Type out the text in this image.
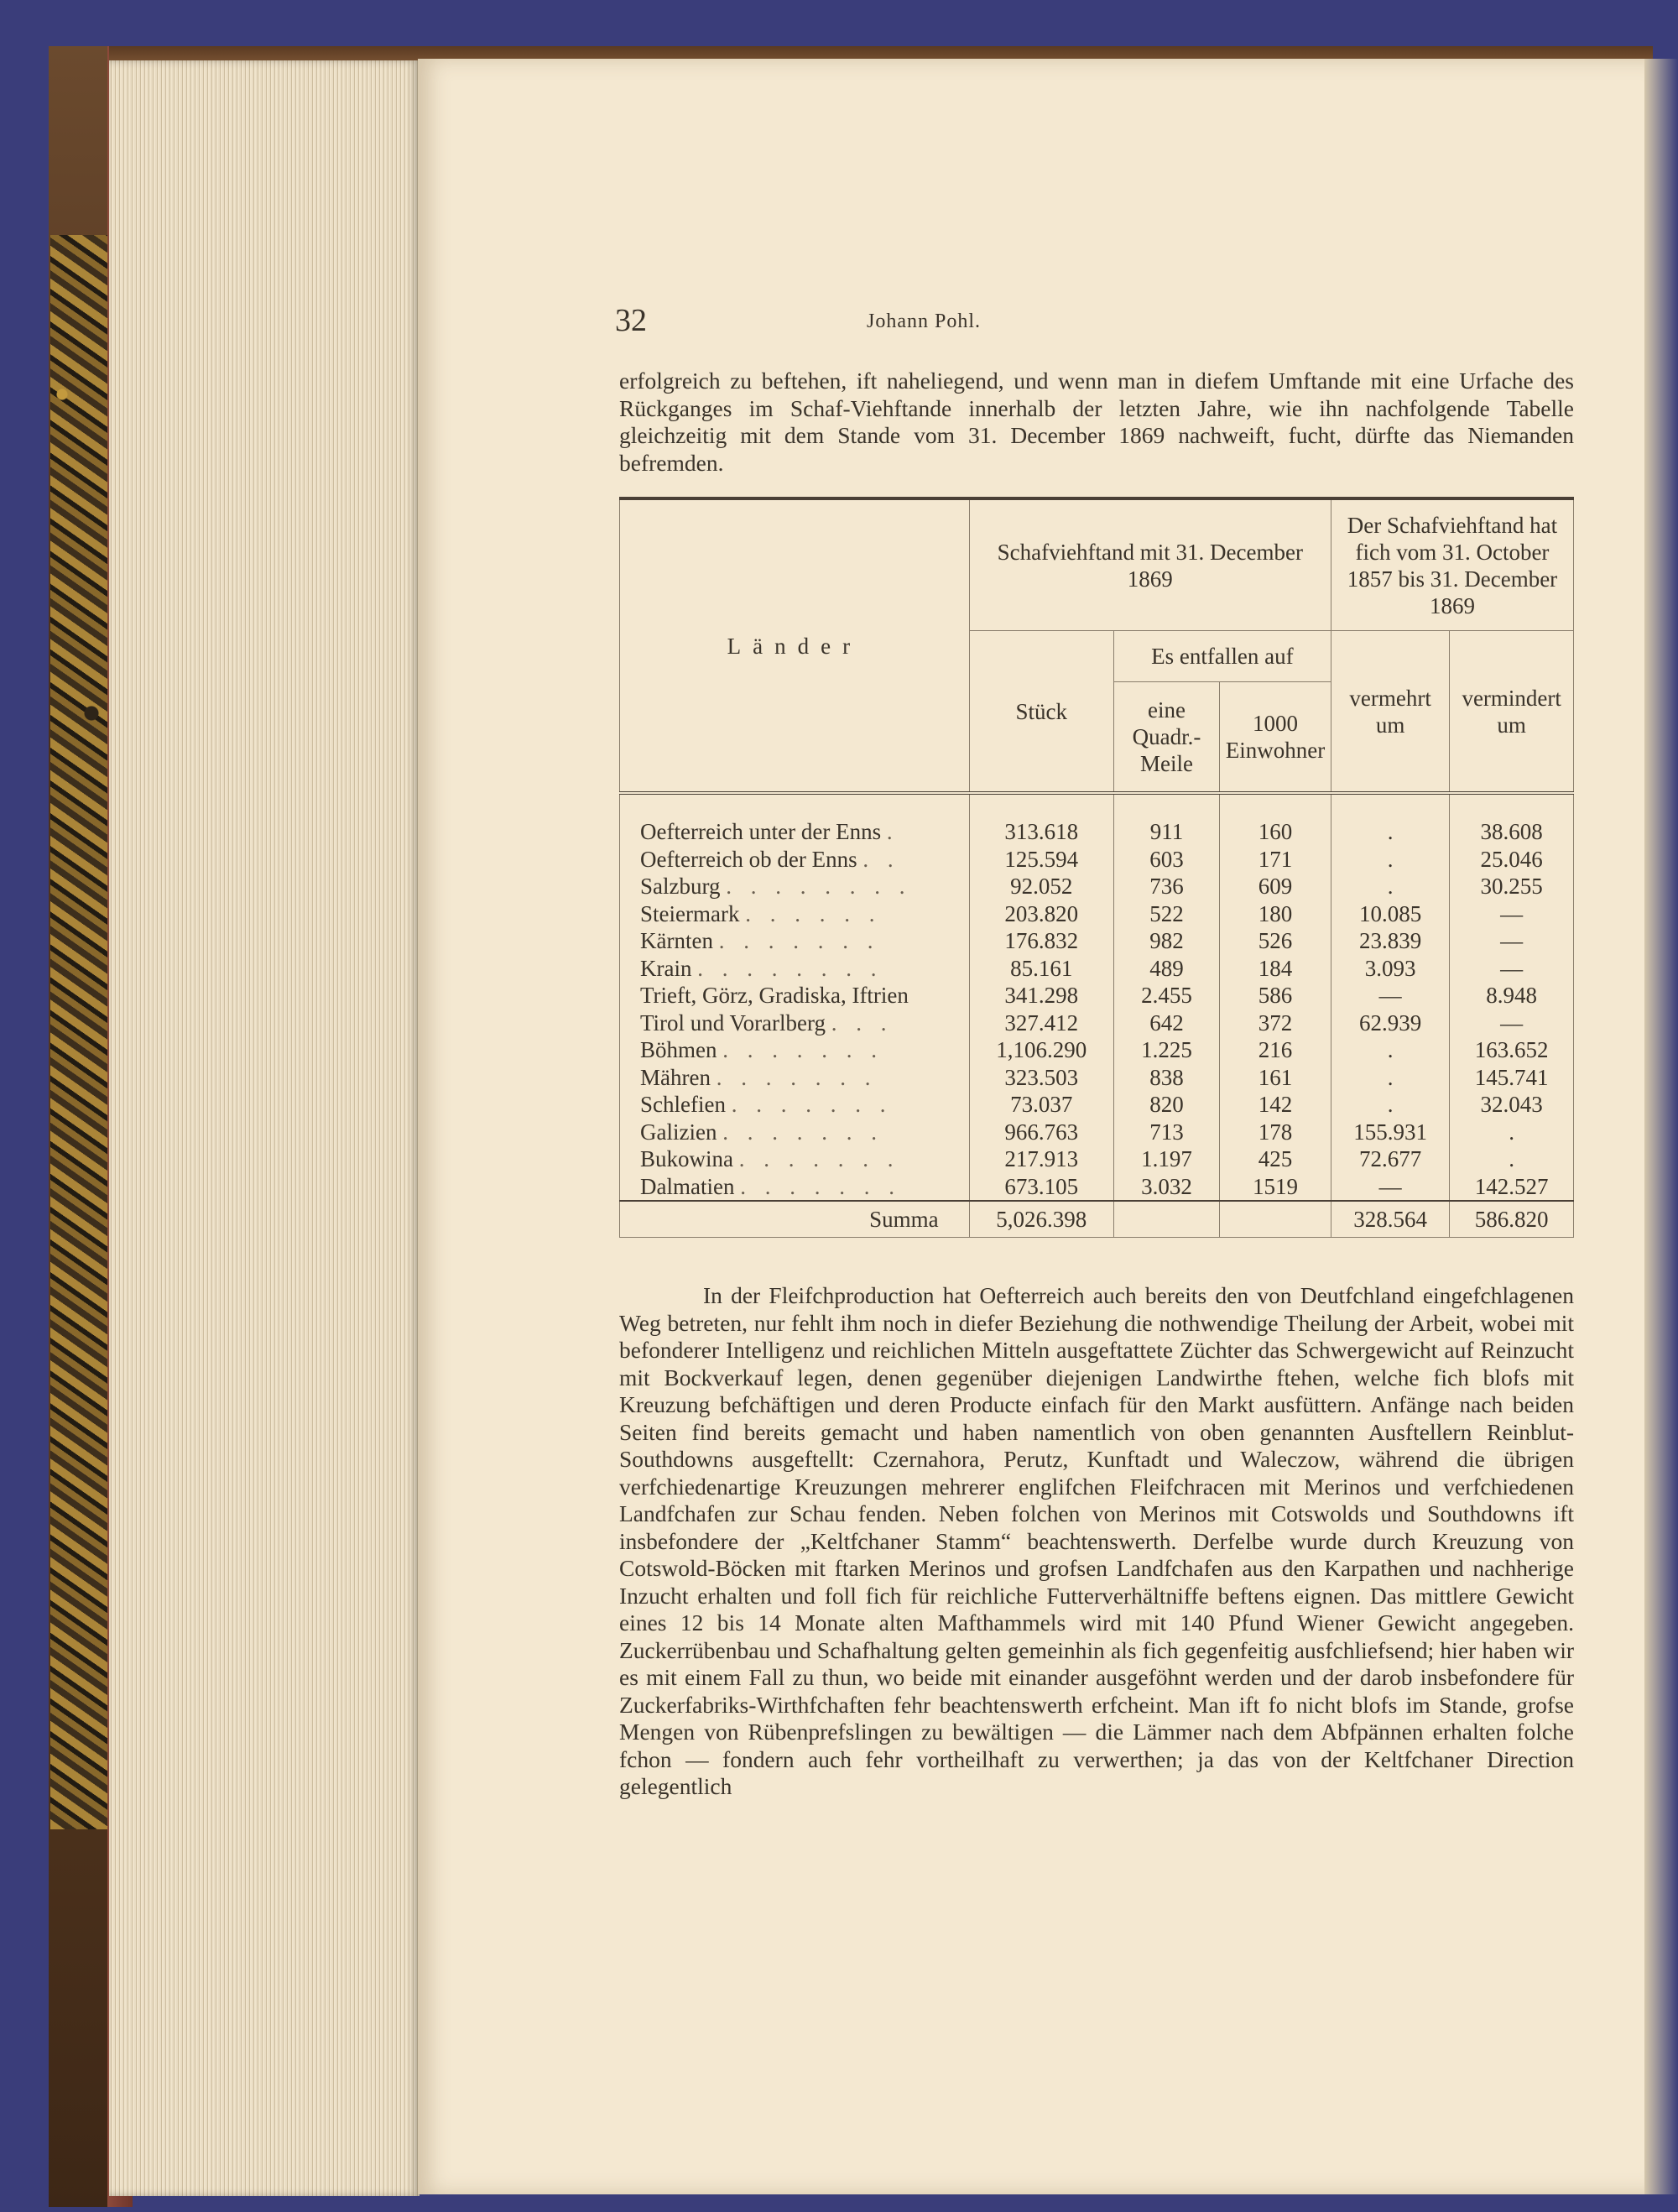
32	Johann Pohl.

erfolgreich zu beftehen, ift naheliegend, und wenn man in diefem Umftande mit eine Urfache des Rückganges im Schaf-Viehftande innerhalb der letzten Jahre, wie ihn nachfolgende Tabelle gleichzeitig mit dem Stande vom 31. December 1869 nachweift, fucht, dürfte das Niemanden befremden.

Länder	Schafviehftand mit 31. December 1869			Der Schafviehftand hat fich vom 31. October 1857 bis 31. December 1869	
	Stück	Es entfallen auf		vermehrt um	vermindert um
		eine Quadr.-Meile	1000 Einwohner		
Oefterreich unter der Enns .	313.618	911	160	.	38.608
Oefterreich ob der Enns . .	125.594	603	171	.	25.046
Salzburg . . . . . . . .	92.052	736	609	.	30.255
Steiermark . . . . . .	203.820	522	180	10.085	—
Kärnten . . . . . . .	176.832	982	526	23.839	—
Krain . . . . . . . .	85.161	489	184	3.093	—
Trieft, Görz, Gradiska, Iftrien	341.298	2.455	586	—	8.948
Tirol und Vorarlberg . . .	327.412	642	372	62.939	—
Böhmen . . . . . . .	1,106.290	1.225	216	.	163.652
Mähren . . . . . . .	323.503	838	161	.	145.741
Schlefien . . . . . . .	73.037	820	142	.	32.043
Galizien . . . . . . .	966.763	713	178	155.931	.
Bukowina . . . . . . .	217.913	1.197	425	72.677	.
Dalmatien . . . . . . .	673.105	3.032	1519	—	142.527
Summa	5,026.398			328.564	586.820

In der Fleifchproduction hat Oefterreich auch bereits den von Deutfchland eingefchlagenen Weg betreten, nur fehlt ihm noch in diefer Beziehung die nothwendige Theilung der Arbeit, wobei mit befonderer Intelligenz und reichlichen Mitteln ausgeftattete Züchter das Schwergewicht auf Reinzucht mit Bockverkauf legen, denen gegenüber diejenigen Landwirthe ftehen, welche fich blofs mit Kreuzung befchäftigen und deren Producte einfach für den Markt ausfüttern. Anfänge nach beiden Seiten find bereits gemacht und haben namentlich von oben genannten Ausftellern Reinblut-Southdowns ausgeftellt: Czernahora, Perutz, Kunftadt und Waleczow, während die übrigen verfchiedenartige Kreuzungen mehrerer englifchen Fleifchracen mit Merinos und verfchiedenen Landfchafen zur Schau fenden. Neben folchen von Merinos mit Cotswolds und Southdowns ift insbefondere der „Keltfchaner Stamm“ beachtenswerth. Derfelbe wurde durch Kreuzung von Cotswold-Böcken mit ftarken Merinos und grofsen Landfchafen aus den Karpathen und nachherige Inzucht erhalten und foll fich für reichliche Futterverhältniffe beftens eignen. Das mittlere Gewicht eines 12 bis 14 Monate alten Mafthammels wird mit 140 Pfund Wiener Gewicht angegeben. Zuckerrübenbau und Schafhaltung gelten gemeinhin als fich gegenfeitig ausfchliefsend; hier haben wir es mit einem Fall zu thun, wo beide mit einander ausgeföhnt werden und der darob insbefondere für Zuckerfabriks-Wirthfchaften fehr beachtenswerth erfcheint. Man ift fo nicht blofs im Stande, grofse Mengen von Rübenprefslingen zu bewältigen — die Lämmer nach dem Abfpännen erhalten folche fchon — fondern auch fehr vortheilhaft zu verwerthen; ja das von der Keltfchaner Direction gelegentlich
